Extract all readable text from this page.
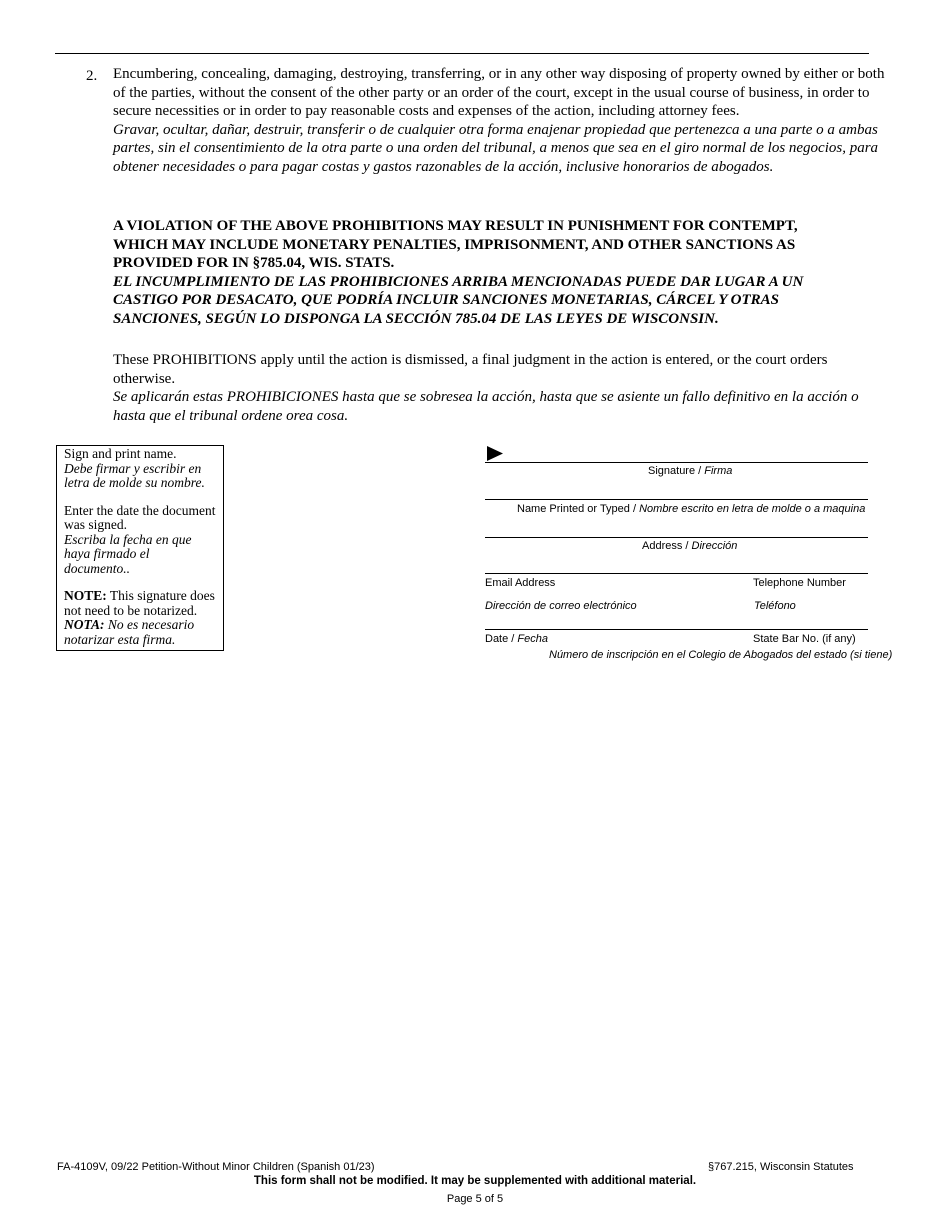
2. Encumbering, concealing, damaging, destroying, transferring, or in any other way disposing of property owned by either or both of the parties, without the consent of the other party or an order of the court, except in the usual course of business, in order to secure necessities or in order to pay reasonable costs and expenses of the action, including attorney fees.

Gravar, ocultar, dañar, destruir, transferir o de cualquier otra forma enajenar propiedad que pertenezca a una parte o a ambas partes, sin el consentimiento de la otra parte o una orden del tribunal, a menos que sea en el giro normal de los negocios, para obtener necesidades o para pagar costas y gastos razonables de la acción, inclusive honorarios de abogados.

A VIOLATION OF THE ABOVE PROHIBITIONS MAY RESULT IN PUNISHMENT FOR CONTEMPT, WHICH MAY INCLUDE MONETARY PENALTIES, IMPRISONMENT, AND OTHER SANCTIONS AS PROVIDED FOR IN §785.04, WIS. STATS.

EL INCUMPLIMIENTO DE LAS PROHIBICIONES ARRIBA MENCIONADAS PUEDE DAR LUGAR A UN CASTIGO POR DESACATO, QUE PODRÍA INCLUIR SANCIONES MONETARIAS, CÁRCEL Y OTRAS SANCIONES, SEGÚN LO DISPONGA LA SECCIÓN 785.04 DE LAS LEYES DE WISCONSIN.

These PROHIBITIONS apply until the action is dismissed, a final judgment in the action is entered, or the court orders otherwise.

Se aplicarán estas PROHIBICIONES hasta que se sobresea la acción, hasta que se asiente un fallo definitivo en la acción o hasta que el tribunal ordene orea cosa.

Sign and print name.

Debe firmar y escribir en letra de molde su nombre.

Enter the date the document was signed.

Escriba la fecha en que haya firmado el documento..

NOTE: This signature does not need to be notarized.

NOTA: No es necesario notarizar esta firma.

Signature / Firma
Name Printed or Typed / Nombre escrito en letra de molde o a maquina
Address / Dirección
Email Address	Telephone Number
Dirección de correo electrónico	Teléfono
Date / Fecha	State Bar No. (if any)
Número de inscripción en el Colegio de Abogados del estado (si tiene)
FA-4109V, 09/22 Petition-Without Minor Children (Spanish 01/23)	§767.215, Wisconsin Statutes
This form shall not be modified. It may be supplemented with additional material.
Page 5 of 5
